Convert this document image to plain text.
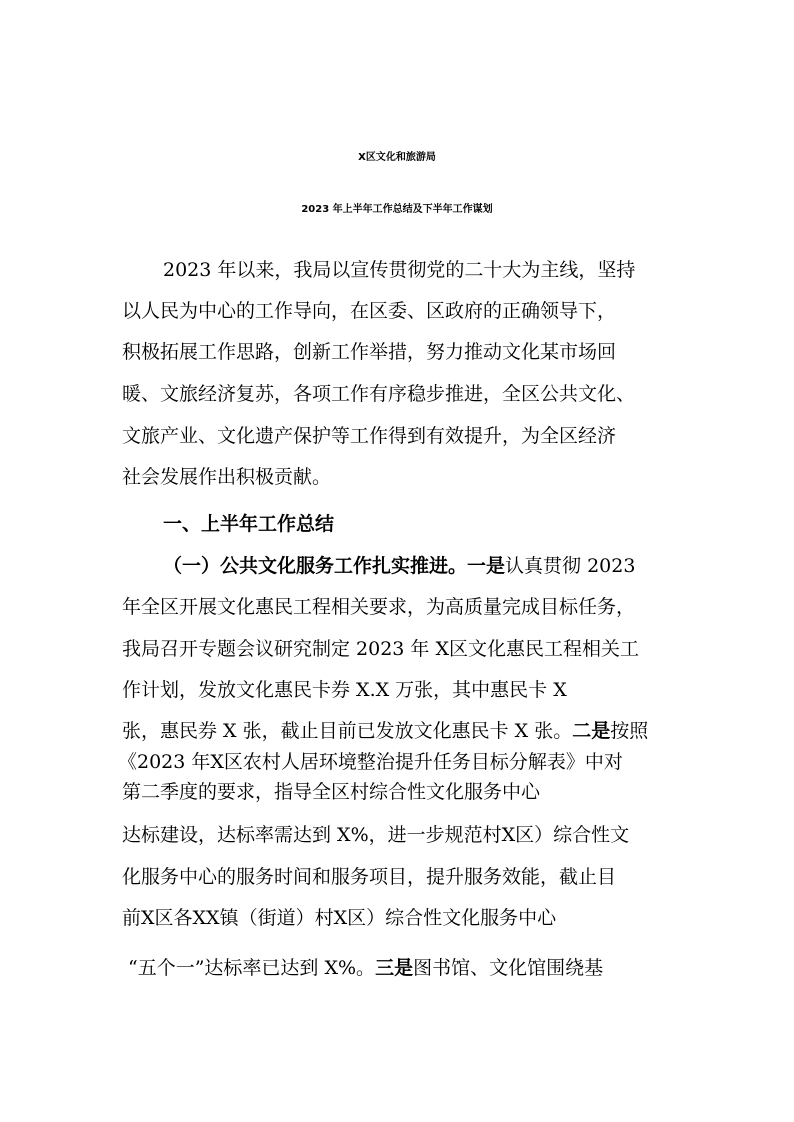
X区文化和旅游局
2023 年上半年工作总结及下半年工作谋划
2023 年以来，我局以宣传贯彻党的二十大为主线，坚持
以人民为中心的工作导向，在区委、区政府的正确领导下，
积极拓展工作思路，创新工作举措，努力推动文化某市场回
暖、文旅经济复苏，各项工作有序稳步推进，全区公共文化、
文旅产业、文化遗产保护等工作得到有效提升，为全区经济
社会发展作出积极贡献。
一、上半年工作总结
（一）公共文化服务工作扎实推进。一是认真贯彻 2023
年全区开展文化惠民工程相关要求，为高质量完成目标任务，
我局召开专题会议研究制定 2023 年 X区文化惠民工程相关工
作计划，发放文化惠民卡券 X.X 万张，其中惠民卡 X
张，惠民券 X 张，截止目前已发放文化惠民卡 X 张。二是按照
《2023 年X区农村人居环境整治提升任务目标分解表》中对
第二季度的要求，指导全区村综合性文化服务中心
达标建设，达标率需达到 X%，进一步规范村X区）综合性文
化服务中心的服务时间和服务项目，提升服务效能，截止目
前X区各XX镇（街道）村X区）综合性文化服务中心
“五个一”达标率已达到 X%。三是图书馆、文化馆围绕基
